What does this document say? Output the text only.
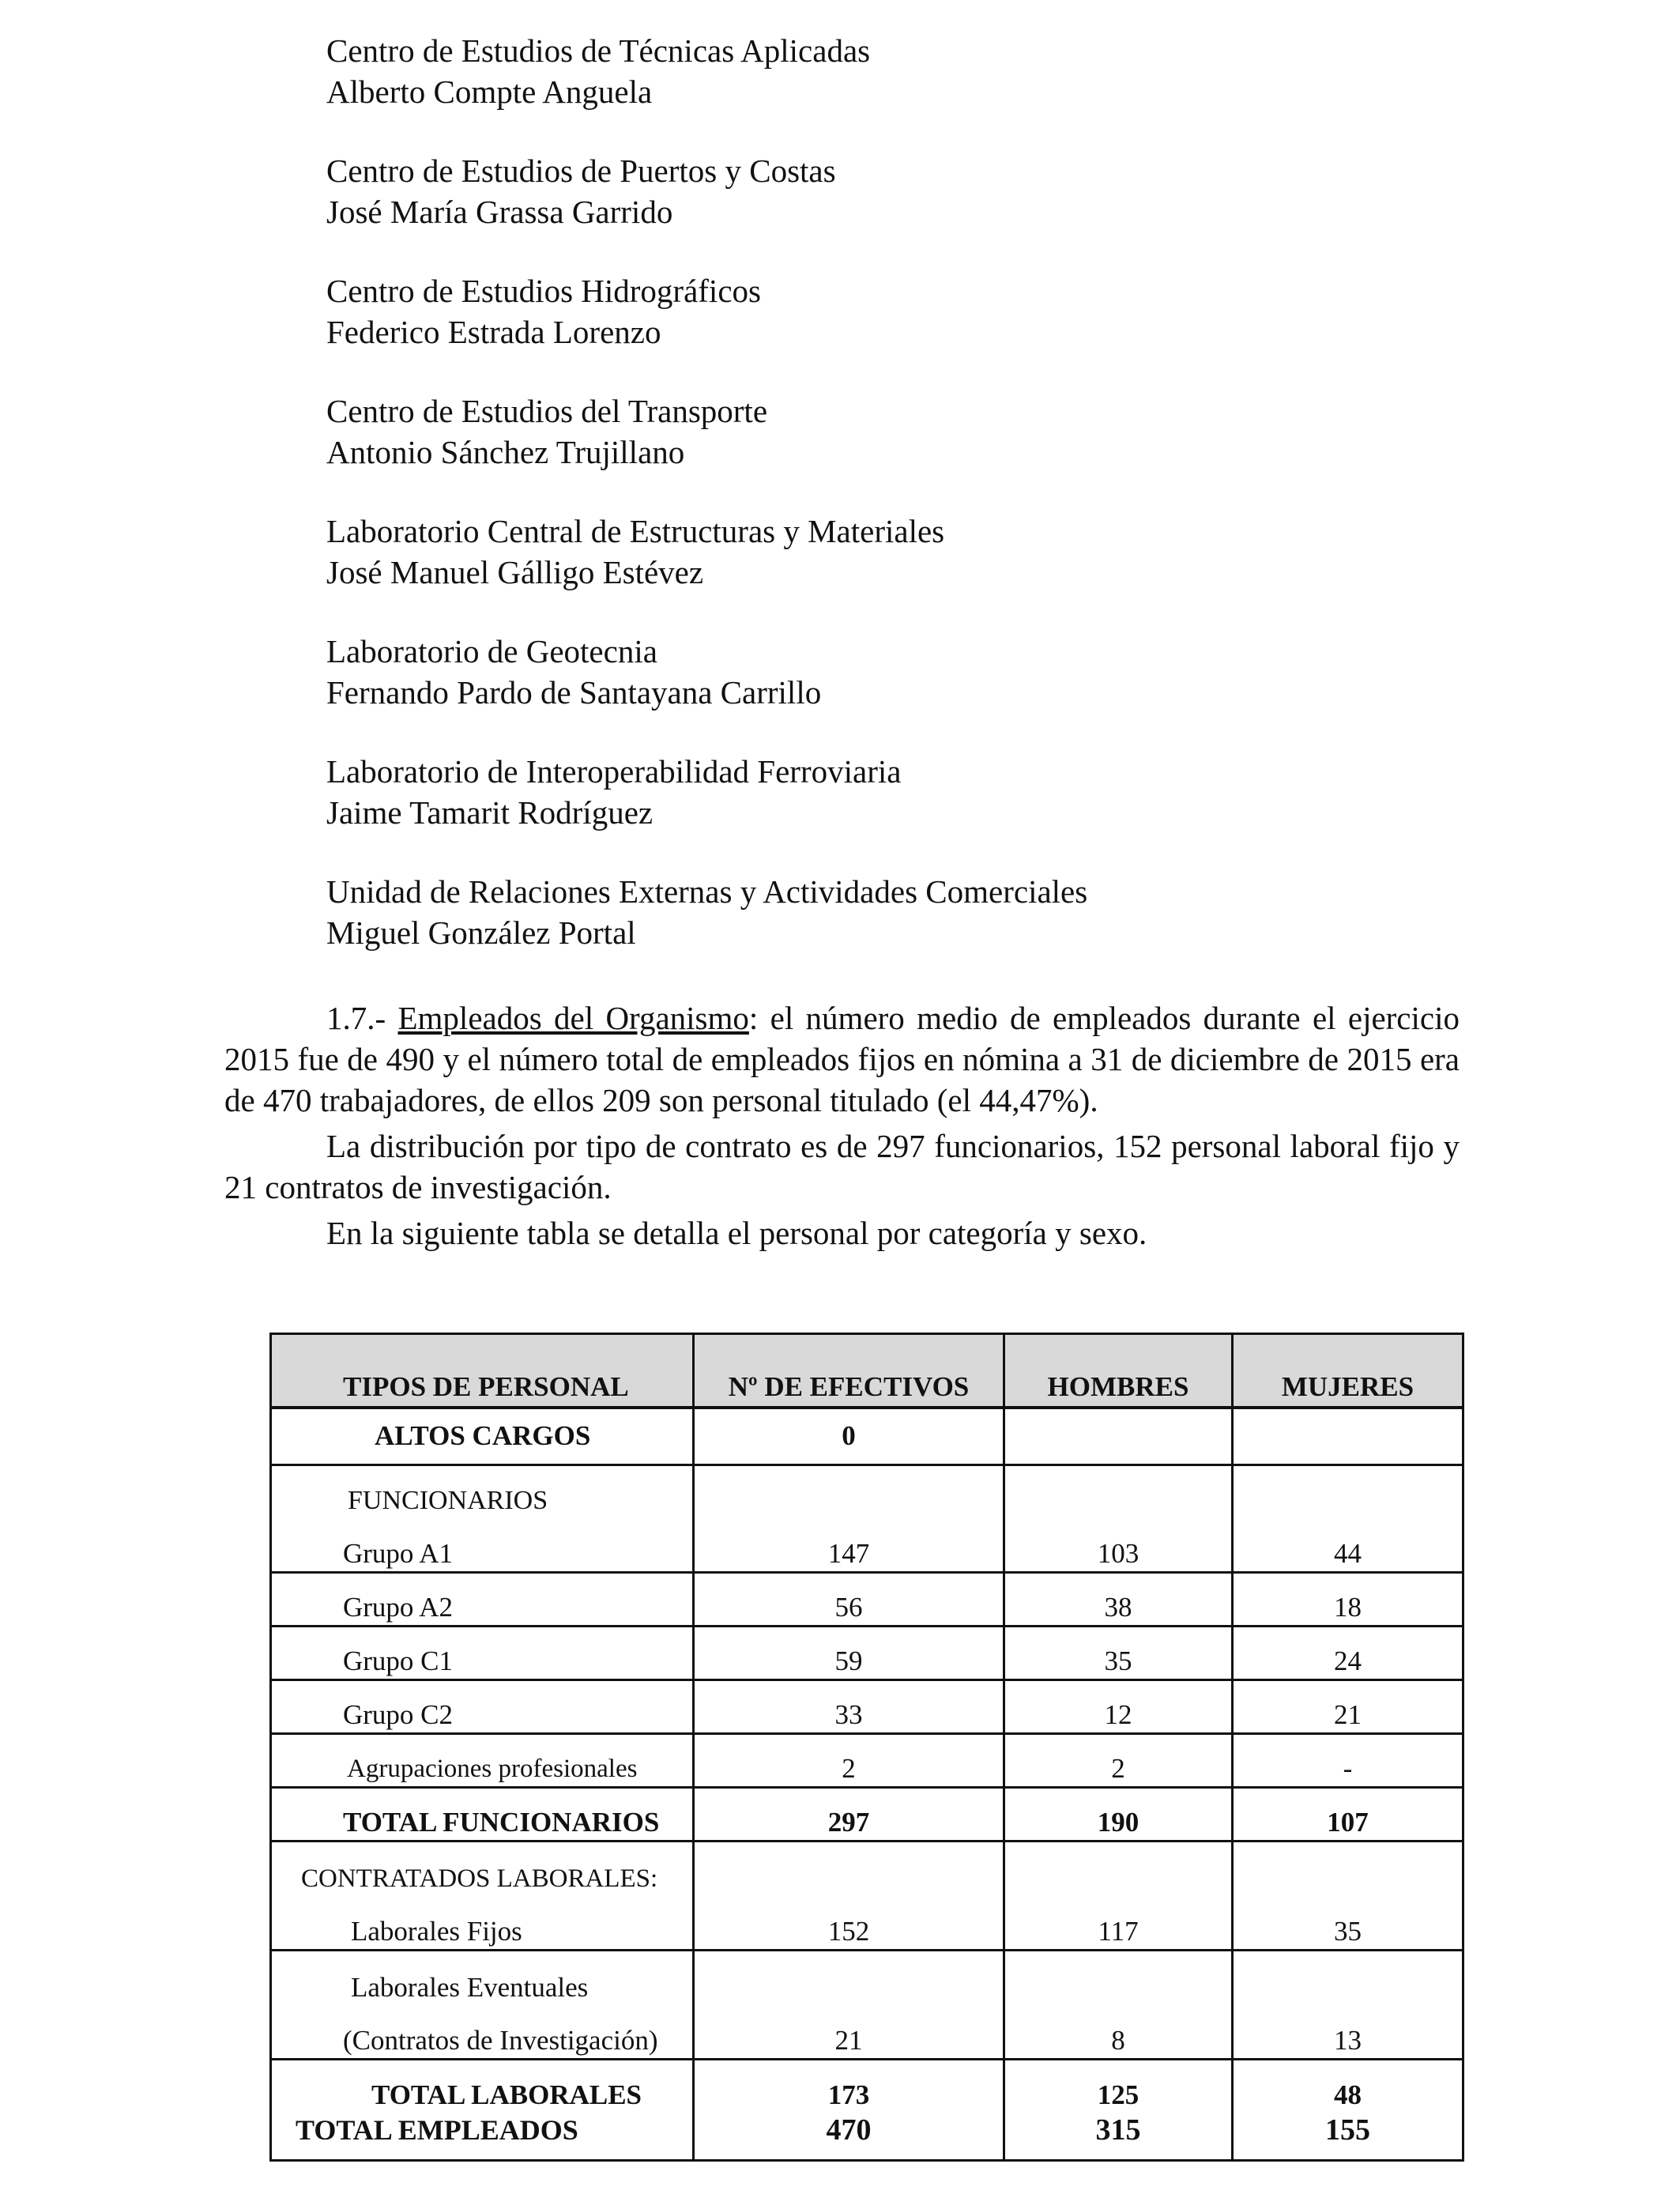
Centro de Estudios de Técnicas Aplicadas
Alberto Compte Anguela
Centro de Estudios de Puertos y Costas
José María Grassa Garrido
Centro de Estudios Hidrográficos
Federico Estrada Lorenzo
Centro de Estudios del Transporte
Antonio Sánchez Trujillano
Laboratorio Central de Estructuras y Materiales
José Manuel Gálligo Estévez
Laboratorio de Geotecnia
Fernando Pardo de Santayana Carrillo
Laboratorio de Interoperabilidad Ferroviaria
Jaime Tamarit Rodríguez
Unidad de Relaciones Externas y Actividades Comerciales
Miguel González Portal

1.7.- Empleados del Organismo: el número medio de empleados durante el ejercicio 2015 fue de 490 y el número total de empleados fijos en nómina a 31 de diciembre de 2015 era de 470 trabajadores, de ellos 209 son personal titulado (el 44,47%).

La distribución por tipo de contrato es de 297 funcionarios, 152 personal laboral fijo y 21 contratos de investigación.

En la siguiente tabla se detalla el personal por categoría y sexo.

TIPOS DE PERSONAL	Nº DE EFECTIVOS	HOMBRES	MUJERES
ALTOS CARGOS	0		
FUNCIONARIOS			
Grupo A1	147	103	44
Grupo A2	56	38	18
Grupo C1	59	35	24
Grupo C2	33	12	21
Agrupaciones profesionales	2	2	-
TOTAL FUNCIONARIOS	297	190	107
CONTRATADOS LABORALES:			
Laborales Fijos	152	117	35
Laborales Eventuales			
(Contratos de Investigación)	21	8	13
TOTAL LABORALES	173	125	48
TOTAL EMPLEADOS	470	315	155
